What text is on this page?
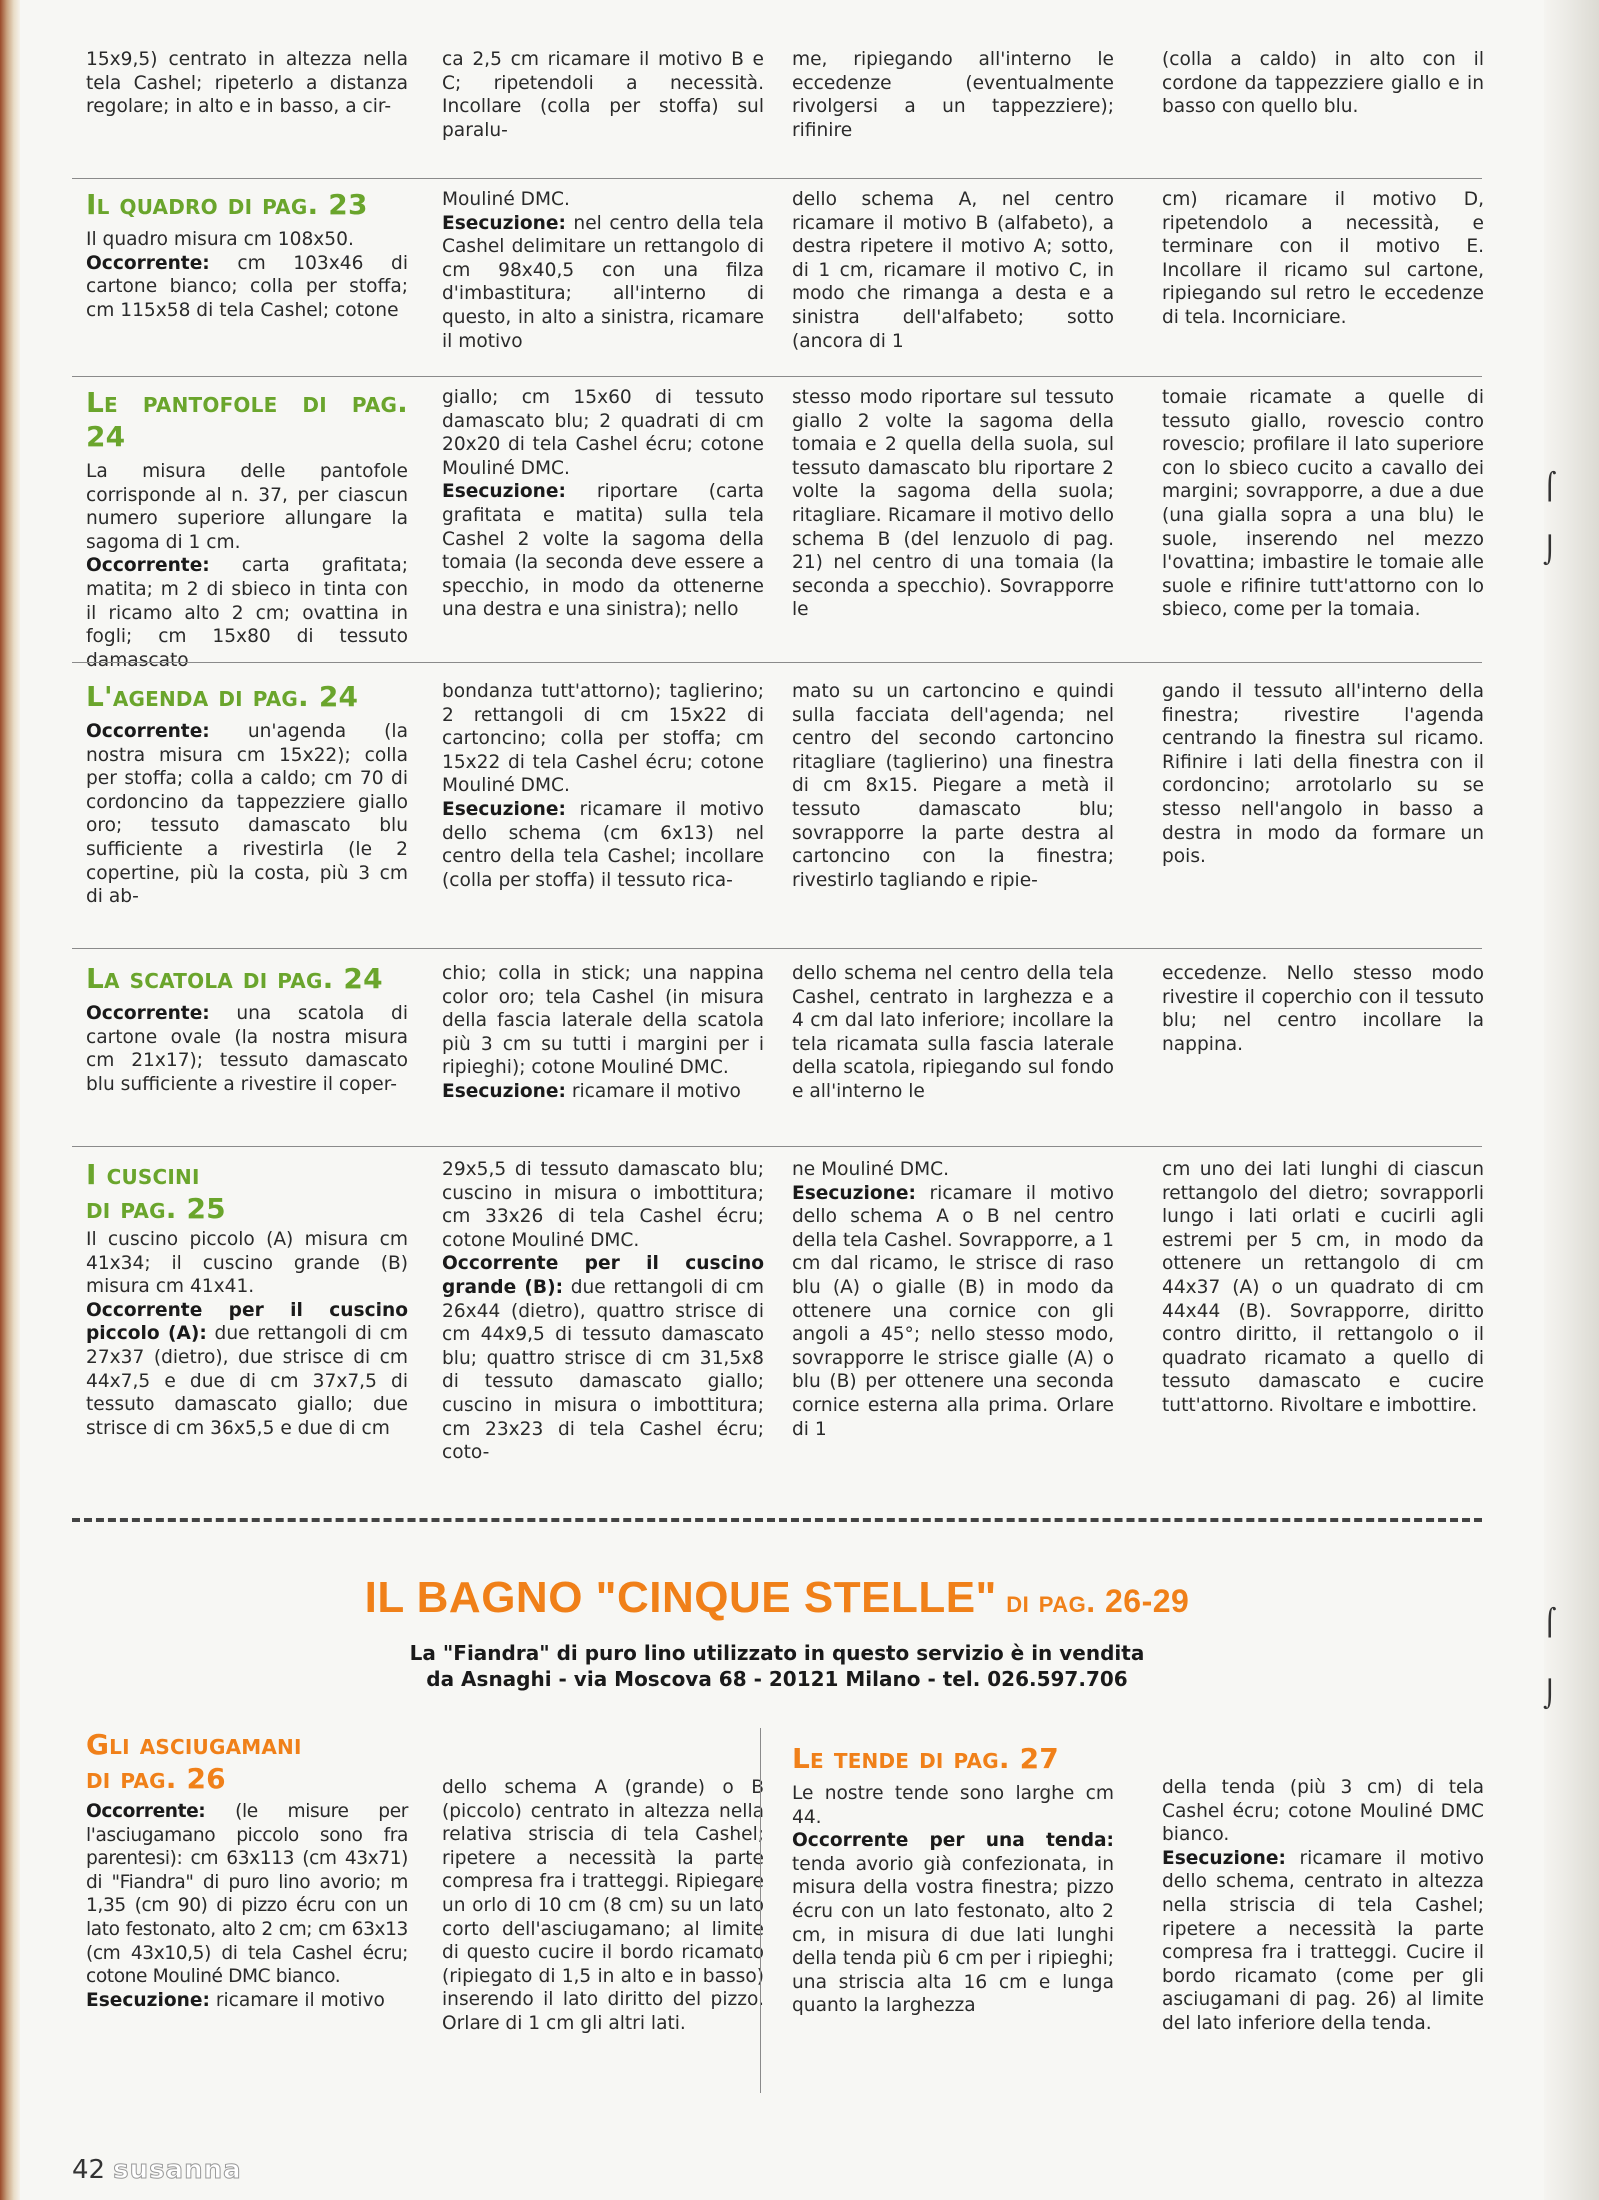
15x9,5) centrato in altezza nella tela Cashel; ripeterlo a distanza regolare; in alto e in basso, a cir-

ca 2,5 cm ricamare il motivo B e C; ripetendoli a necessità. Incollare (colla per stoffa) sul paralu-

me, ripiegando all'interno le eccedenze (eventualmente rivolgersi a un tappezziere); rifinire

(colla a caldo) in alto con il cordone da tappezziere giallo e in basso con quello blu.

Il quadro di pag. 23

Il quadro misura cm 108x50.

Occorrente: cm 103x46 di cartone bianco; colla per stoffa; cm 115x58 di tela Cashel; cotone

Mouliné DMC.

Esecuzione: nel centro della tela Cashel delimitare un rettangolo di cm 98x40,5 con una filza d'imbastitura; all'interno di questo, in alto a sinistra, ricamare il motivo

dello schema A, nel centro ricamare il motivo B (alfabeto), a destra ripetere il motivo A; sotto, di 1 cm, ricamare il motivo C, in modo che rimanga a desta e a sinistra dell'alfabeto; sotto (ancora di 1

cm) ricamare il motivo D, ripetendolo a necessità, e terminare con il motivo E. Incollare il ricamo sul cartone, ripiegando sul retro le eccedenze di tela. Incorniciare.

Le pantofole di pag. 24

La misura delle pantofole corrisponde al n. 37, per ciascun numero superiore allungare la sagoma di 1 cm.

Occorrente: carta grafitata; matita; m 2 di sbieco in tinta con il ricamo alto 2 cm; ovattina in fogli; cm 15x80 di tessuto damascato

giallo; cm 15x60 di tessuto damascato blu; 2 quadrati di cm 20x20 di tela Cashel écru; cotone Mouliné DMC.

Esecuzione: riportare (carta grafitata e matita) sulla tela Cashel 2 volte la sagoma della tomaia (la seconda deve essere a specchio, in modo da ottenerne una destra e una sinistra); nello

stesso modo riportare sul tessuto giallo 2 volte la sagoma della tomaia e 2 quella della suola, sul tessuto damascato blu riportare 2 volte la sagoma della suola; ritagliare. Ricamare il motivo dello schema B (del lenzuolo di pag. 21) nel centro di una tomaia (la seconda a specchio). Sovrapporre le

tomaie ricamate a quelle di tessuto giallo, rovescio contro rovescio; profilare il lato superiore con lo sbieco cucito a cavallo dei margini; sovrapporre, a due a due (una gialla sopra a una blu) le suole, inserendo nel mezzo l'ovattina; imbastire le tomaie alle suole e rifinire tutt'attorno con lo sbieco, come per la tomaia.

L'agenda di pag. 24

Occorrente: un'agenda (la nostra misura cm 15x22); colla per stoffa; colla a caldo; cm 70 di cordoncino da tappezziere giallo oro; tessuto damascato blu sufficiente a rivestirla (le 2 copertine, più la costa, più 3 cm di ab-

bondanza tutt'attorno); taglierino; 2 rettangoli di cm 15x22 di cartoncino; colla per stoffa; cm 15x22 di tela Cashel écru; cotone Mouliné DMC.

Esecuzione: ricamare il motivo dello schema (cm 6x13) nel centro della tela Cashel; incollare (colla per stoffa) il tessuto rica-

mato su un cartoncino e quindi sulla facciata dell'agenda; nel centro del secondo cartoncino ritagliare (taglierino) una finestra di cm 8x15. Piegare a metà il tessuto damascato blu; sovrapporre la parte destra al cartoncino con la finestra; rivestirlo tagliando e ripie-

gando il tessuto all'interno della finestra; rivestire l'agenda centrando la finestra sul ricamo. Rifinire i lati della finestra con il cordoncino; arrotolarlo su se stesso nell'angolo in basso a destra in modo da formare un pois.

La scatola di pag. 24

Occorrente: una scatola di cartone ovale (la nostra misura cm 21x17); tessuto damascato blu sufficiente a rivestire il coper-

chio; colla in stick; una nappina color oro; tela Cashel (in misura della fascia laterale della scatola più 3 cm su tutti i margini per i ripieghi); cotone Mouliné DMC.

Esecuzione: ricamare il motivo

dello schema nel centro della tela Cashel, centrato in larghezza e a 4 cm dal lato inferiore; incollare la tela ricamata sulla fascia laterale della scatola, ripiegando sul fondo e all'interno le

eccedenze. Nello stesso modo rivestire il coperchio con il tessuto blu; nel centro incollare la nappina.

I cuscini
di pag. 25

Il cuscino piccolo (A) misura cm 41x34; il cuscino grande (B) misura cm 41x41.

Occorrente per il cuscino piccolo (A): due rettangoli di cm 27x37 (dietro), due strisce di cm 44x7,5 e due di cm 37x7,5 di tessuto damascato giallo; due strisce di cm 36x5,5 e due di cm

29x5,5 di tessuto damascato blu; cuscino in misura o imbottitura; cm 33x26 di tela Cashel écru; cotone Mouliné DMC.

Occorrente per il cuscino grande (B): due rettangoli di cm 26x44 (dietro), quattro strisce di cm 44x9,5 di tessuto damascato blu; quattro strisce di cm 31,5x8 di tessuto damascato giallo; cuscino in misura o imbottitura; cm 23x23 di tela Cashel écru; coto-

ne Mouliné DMC.

Esecuzione: ricamare il motivo dello schema A o B nel centro della tela Cashel. Sovrapporre, a 1 cm dal ricamo, le strisce di raso blu (A) o gialle (B) in modo da ottenere una cornice con gli angoli a 45°; nello stesso modo, sovrapporre le strisce gialle (A) o blu (B) per ottenere una seconda cornice esterna alla prima. Orlare di 1

cm uno dei lati lunghi di ciascun rettangolo del dietro; sovrapporli lungo i lati orlati e cucirli agli estremi per 5 cm, in modo da ottenere un rettangolo di cm 44x37 (A) o un quadrato di cm 44x44 (B). Sovrapporre, diritto contro diritto, il rettangolo o il quadrato ricamato a quello di tessuto damascato e cucire tutt'attorno. Rivoltare e imbottire.

IL BAGNO "CINQUE STELLE" di pag. 26-29
La "Fiandra" di puro lino utilizzato in questo servizio è in vendita
da Asnaghi - via Moscova 68 - 20121 Milano - tel. 026.597.706
Gli asciugamani
di pag. 26

Occorrente: (le misure per l'asciugamano piccolo sono fra parentesi): cm 63x113 (cm 43x71) di "Fiandra" di puro lino avorio; m 1,35 (cm 90) di pizzo écru con un lato festonato, alto 2 cm; cm 63x13 (cm 43x10,5) di tela Cashel écru; cotone Mouliné DMC bianco.

Esecuzione: ricamare il motivo

dello schema A (grande) o B (piccolo) centrato in altezza nella relativa striscia di tela Cashel; ripetere a necessità la parte compresa fra i tratteggi. Ripiegare un orlo di 10 cm (8 cm) su un lato corto dell'asciugamano; al limite di questo cucire il bordo ricamato (ripiegato di 1,5 in alto e in basso) inserendo il lato diritto del pizzo. Orlare di 1 cm gli altri lati.

Le tende di pag. 27

Le nostre tende sono larghe cm 44.

Occorrente per una tenda: tenda avorio già confezionata, in misura della vostra finestra; pizzo écru con un lato festonato, alto 2 cm, in misura di due lati lunghi della tenda più 6 cm per i ripieghi; una striscia alta 16 cm e lunga quanto la larghezza

della tenda (più 3 cm) di tela Cashel écru; cotone Mouliné DMC bianco.

Esecuzione: ricamare il motivo dello schema, centrato in altezza nella striscia di tela Cashel; ripetere a necessità la parte compresa fra i tratteggi. Cucire il bordo ricamato (come per gli asciugamani di pag. 26) al limite del lato inferiore della tenda.

42 susanna
⌠
⌡
⌠
⌡
